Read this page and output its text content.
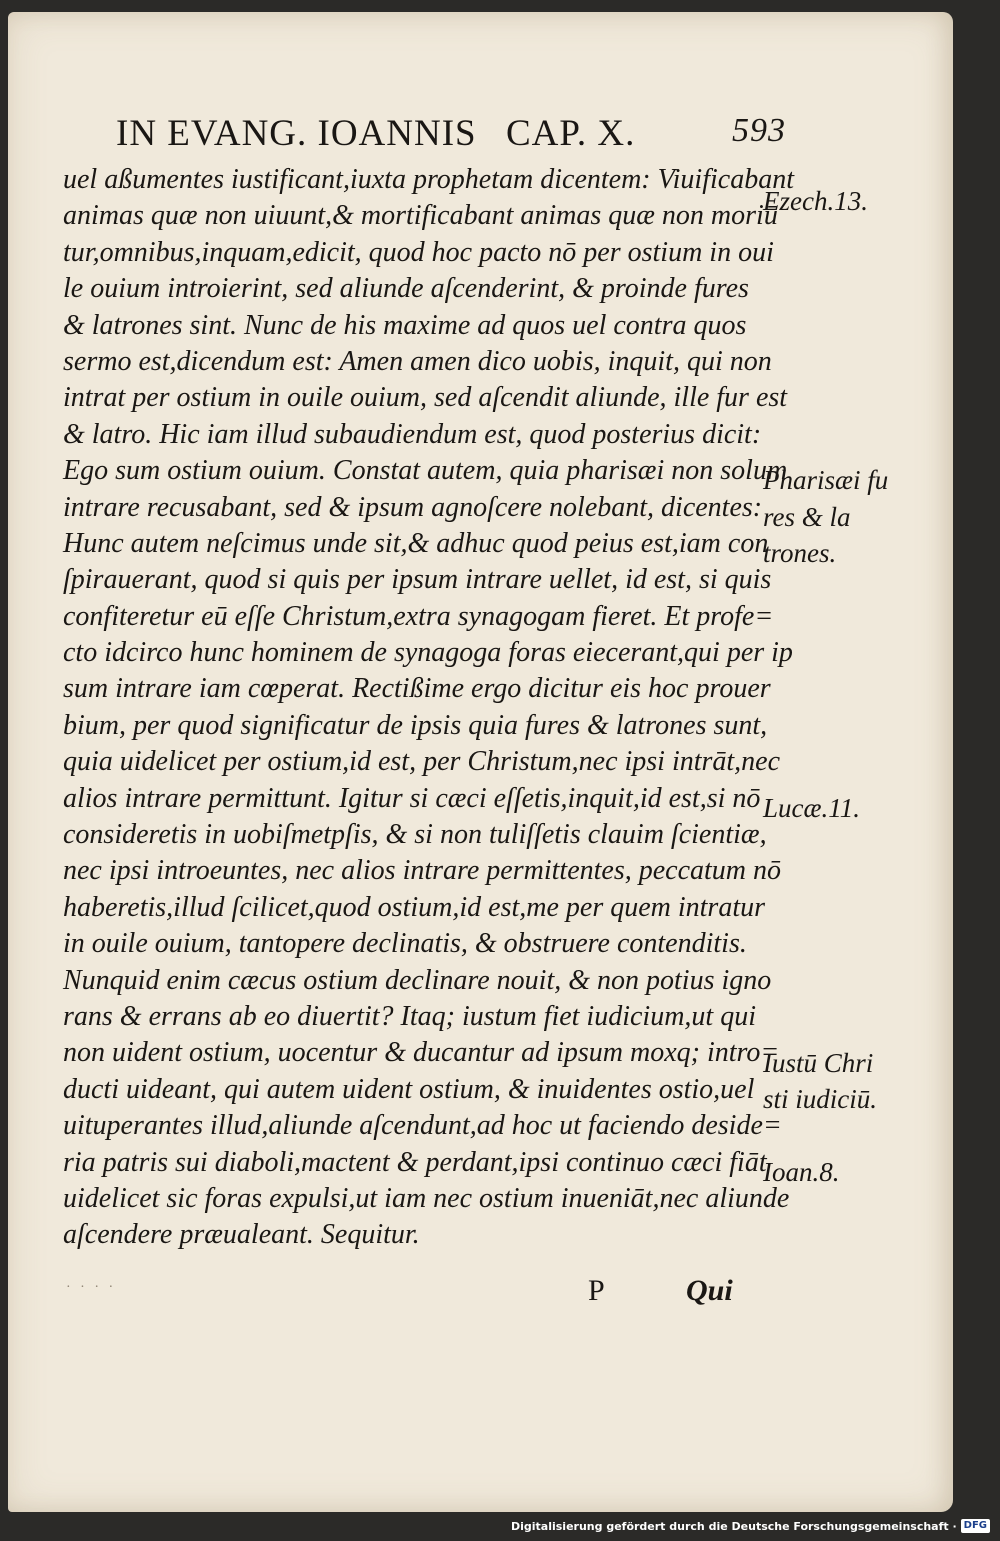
IN EVANG. IOANNIS CAP. X.	593
uel aßumentes iustificant,iuxta prophetam dicentem: Viuificabant
animas quæ non uiuunt,& mortificabant animas quæ non moriū
tur,omnibus,inquam,edicit, quod hoc pacto nō per ostium in oui
le ouium introierint, sed aliunde aſcenderint, & proinde fures
& latrones sint. Nunc de his maxime ad quos uel contra quos
sermo est,dicendum est: Amen amen dico uobis, inquit, qui non
intrat per ostium in ouile ouium, sed aſcendit aliunde, ille fur est
& latro. Hic iam illud subaudiendum est, quod posterius dicit:
Ego sum ostium ouium. Constat autem, quia pharisæi non solum
intrare recusabant, sed & ipsum agnoſcere nolebant, dicentes:
Hunc autem neſcimus unde sit,& adhuc quod peius est,iam con
ſpirauerant, quod si quis per ipsum intrare uellet, id est, si quis
confiteretur eū eſſe Christum,extra synagogam fieret. Et profe=
cto idcirco hunc hominem de synagoga foras eiecerant,qui per ip
sum intrare iam cœperat. Rectißime ergo dicitur eis hoc prouer
bium, per quod significatur de ipsis quia fures & latrones sunt,
quia uidelicet per ostium,id est, per Christum,nec ipsi intrāt,nec
alios intrare permittunt. Igitur si cæci eſſetis,inquit,id est,si nō
consideretis in uobiſmetpſis, & si non tuliſſetis clauim ſcientiæ,
nec ipsi introeuntes, nec alios intrare permittentes, peccatum nō
haberetis,illud ſcilicet,quod ostium,id est,me per quem intratur
in ouile ouium, tantopere declinatis, & obstruere contenditis.
Nunquid enim cæcus ostium declinare nouit, & non potius igno
rans & errans ab eo diuertit? Itaq; iustum fiet iudicium,ut qui
non uident ostium, uocentur & ducantur ad ipsum moxq; intro=
ducti uideant, qui autem uident ostium, & inuidentes ostio,uel
uituperantes illud,aliunde aſcendunt,ad hoc ut faciendo deside=
ria patris sui diaboli,mactent & perdant,ipsi continuo cæci fiāt
uidelicet sic foras expulsi,ut iam nec ostium inueniāt,nec aliunde
aſcendere præualeant. Sequitur.
Ezech.13.
Pharisæi fu
res & la
trones.
Lucæ.11.
Iustū Chri
sti iudiciū.
Ioan.8.
· · · ·	P	Qui
Digitalisierung gefördert durch die Deutsche Forschungsgemeinschaft · DFG
